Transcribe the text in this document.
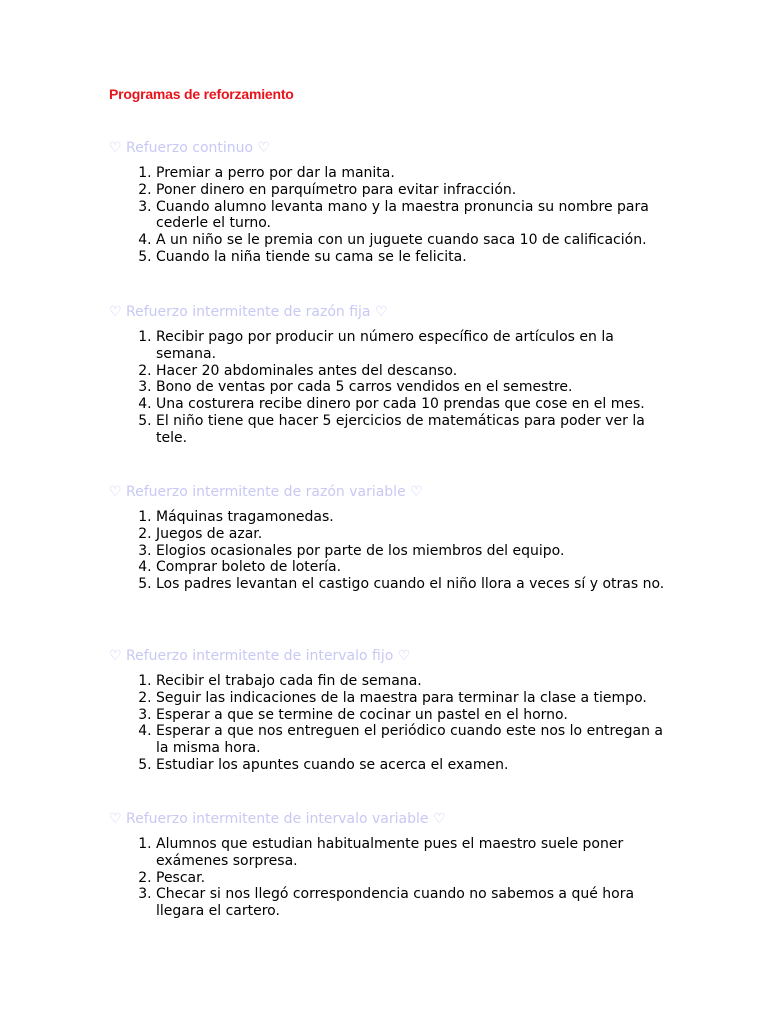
Programas de reforzamiento

♡ Refuerzo continuo ♡

1. Premiar a perro por dar la manita.
2. Poner dinero en parquímetro para evitar infracción.
3. Cuando alumno levanta mano y la maestra pronuncia su nombre para cederle el turno.
4. A un niño se le premia con un juguete cuando saca 10 de calificación.
5. Cuando la niña tiende su cama se le felicita.

♡ Refuerzo intermitente de razón fija ♡

1. Recibir pago por producir un número específico de artículos en la semana.
2. Hacer 20 abdominales antes del descanso.
3. Bono de ventas por cada 5 carros vendidos en el semestre.
4. Una costurera recibe dinero por cada 10 prendas que cose en el mes.
5. El niño tiene que hacer 5 ejercicios de matemáticas para poder ver la tele.

♡ Refuerzo intermitente de razón variable ♡

1. Máquinas tragamonedas.
2. Juegos de azar.
3. Elogios ocasionales por parte de los miembros del equipo.
4. Comprar boleto de lotería.
5. Los padres levantan el castigo cuando el niño llora a veces sí y otras no.

♡ Refuerzo intermitente de intervalo fijo ♡

1. Recibir el trabajo cada fin de semana.
2. Seguir las indicaciones de la maestra para terminar la clase a tiempo.
3. Esperar a que se termine de cocinar un pastel en el horno.
4. Esperar a que nos entreguen el periódico cuando este nos lo entregan a la misma hora.
5. Estudiar los apuntes cuando se acerca el examen.

♡ Refuerzo intermitente de intervalo variable ♡

1. Alumnos que estudian habitualmente pues el maestro suele poner exámenes sorpresa.
2. Pescar.
3. Checar si nos llegó correspondencia cuando no sabemos a qué hora llegara el cartero.
